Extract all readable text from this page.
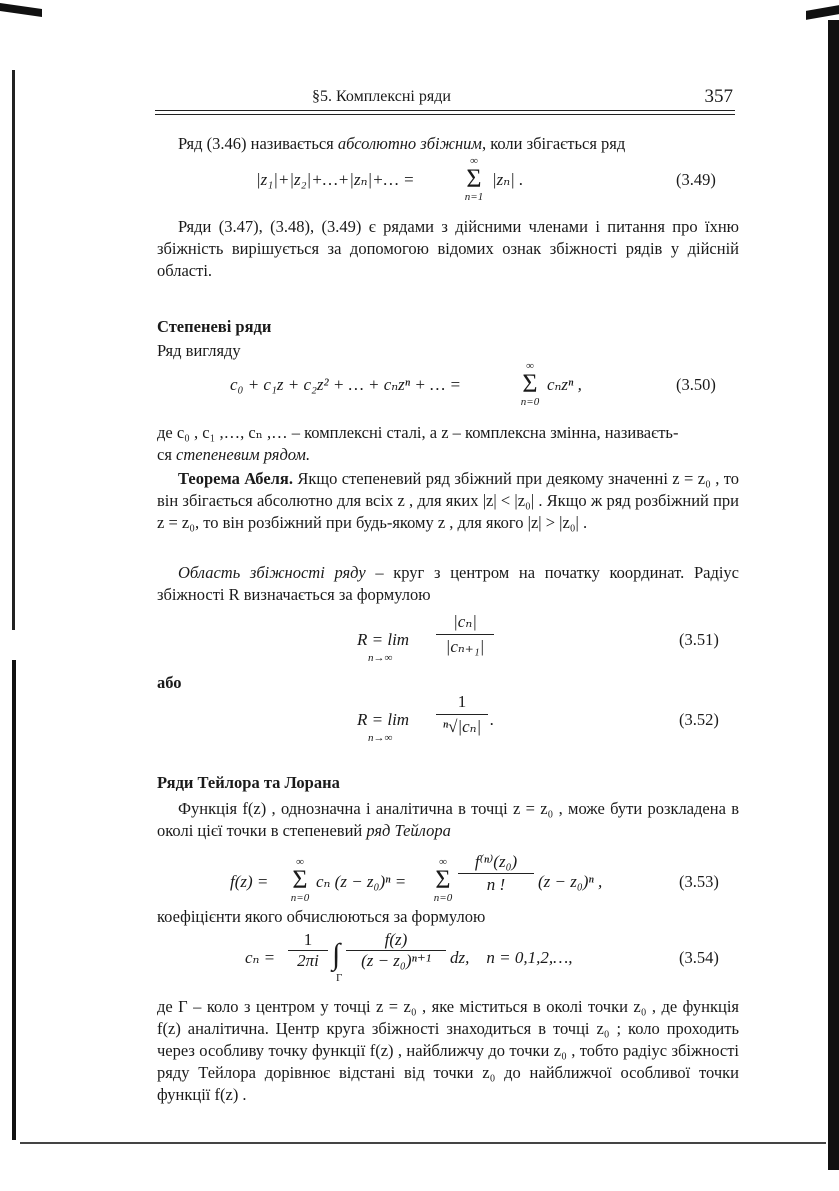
§5. Комплексні ряди	357
Ряд (3.46) називається абсолютно збіжним, коли збігається ряд
|z₁|+|z₂|+…+|zₙ|+… =
∞
Σ
n=1
|zₙ| .	(3.49)
Ряди (3.47), (3.48), (3.49) є рядами з дійсними членами і питання про їхню збіжність вирішується за допомогою відомих ознак збіжності рядів у дійсній області.
Степеневі ряди
Ряд вигляду
c₀ + c₁z + c₂z² + … + cₙzⁿ + … =
∞
Σ
n=0
cₙzⁿ ,	(3.50)
де c₀ , c₁ ,…, cₙ ,… – комплексні сталі, а z – комплексна змінна, називаєть-
ся степеневим рядом.
Теорема Абеля. Якщо степеневий ряд збіжний при деякому значенні z = z₀ , то він збігається абсолютно для всіх z , для яких |z| < |z₀| . Якщо ж ряд розбіжний при z = z₀, то він розбіжний при будь-якому z , для якого |z| > |z₀| .
Область збіжності ряду – круг з центром на початку координат. Радіус збіжності R визначається за формулою
R = lim
n→∞
|cₙ|
|cₙ₊₁|	(3.51)
або
R = lim
n→∞
1
ⁿ√|cₙ| .	(3.52)
Ряди Тейлора та Лорана
Функція f(z) , однозначна і аналітична в точці z = z₀ , може бути розкладена в околі цієї точки в степеневий ряд Тейлора
f(z) =
∞
Σ
n=0
cₙ (z − z₀)ⁿ =
∞
Σ
n=0
f⁽ⁿ⁾(z₀)
n !	(z − z₀)ⁿ ,	(3.53)
коефіцієнти якого обчислюються за формулою
cₙ =
1
2πi ∫
Γ
f(z)
(z − z₀)ⁿ⁺¹	dz,    n = 0,1,2,…,	(3.54)
де Г – коло з центром у точці z = z₀ , яке міститься в околі точки z₀ , де функція f(z) аналітична. Центр круга збіжності знаходиться в точці z₀ ; коло проходить через особливу точку функції f(z) , найближчу до точки z₀ , тобто радіус збіжності ряду Тейлора дорівнює відстані від точки z₀ до найближчої особливої точки функції f(z) .
